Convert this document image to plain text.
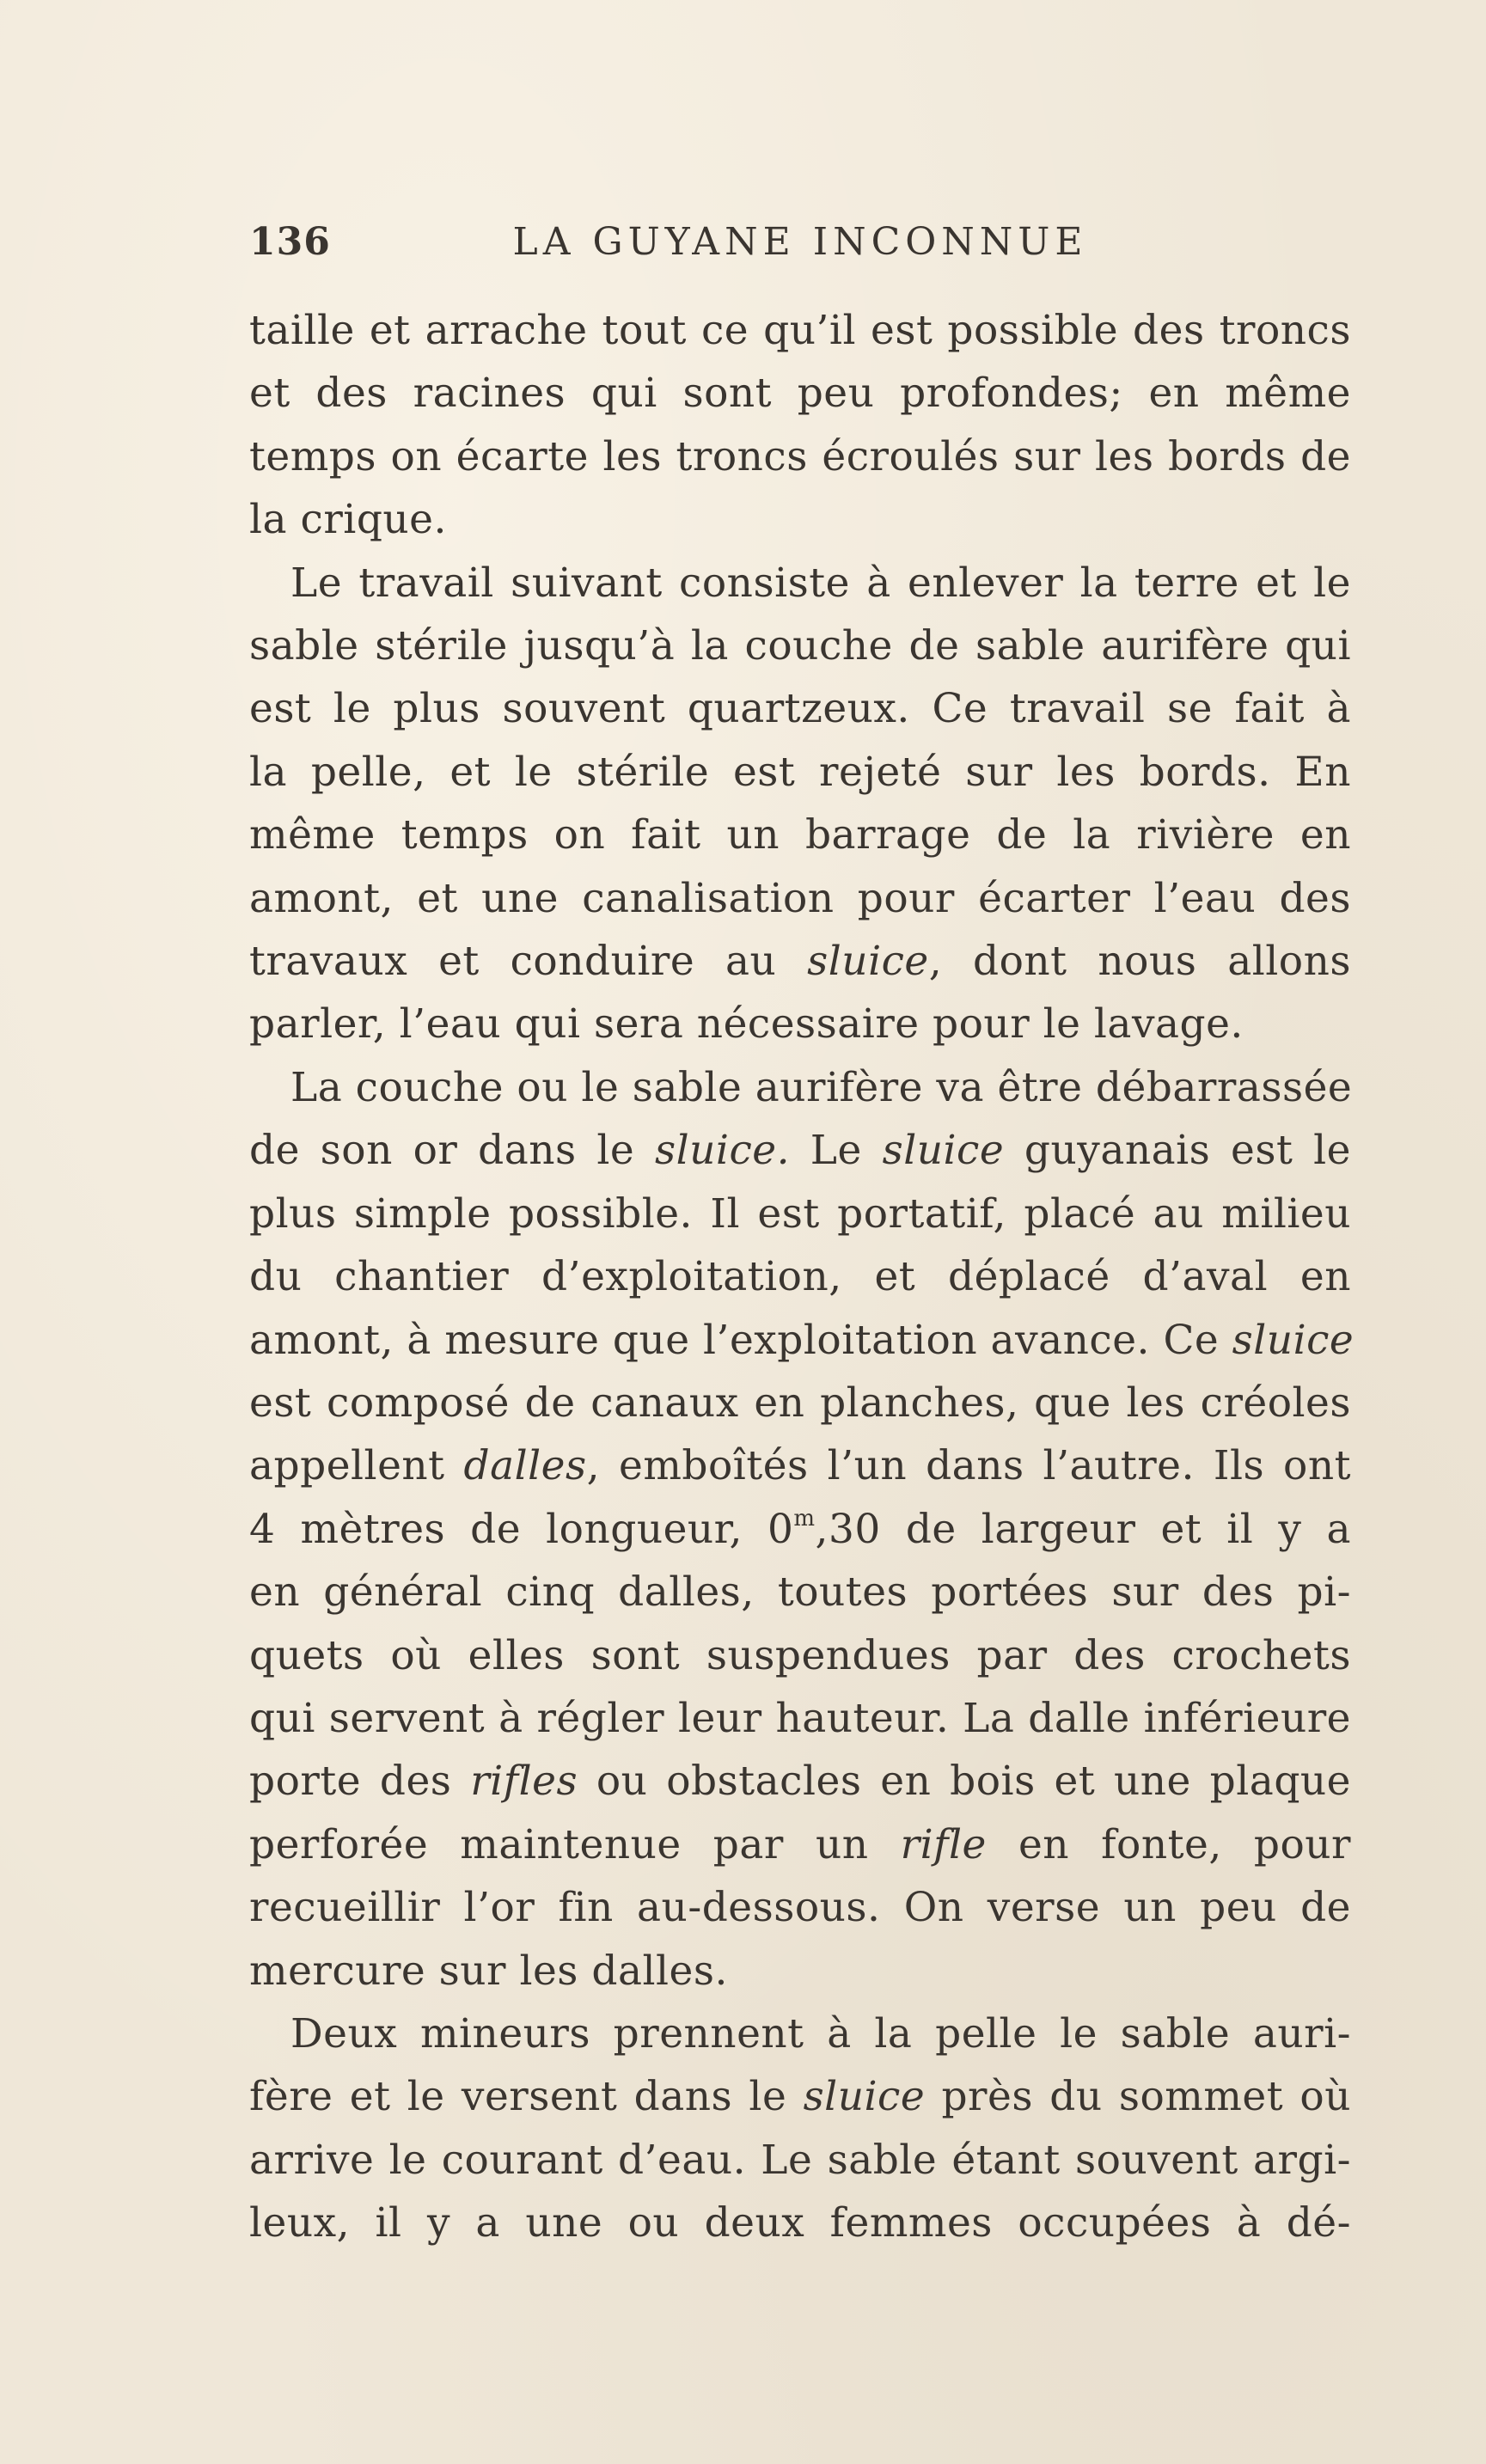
136	LA GUYANE INCONNUE
taille et arrache tout ce qu’il est possible des troncs
et des racines qui sont peu profondes; en même
temps on écarte les troncs écroulés sur les bords de
la crique.
Le travail suivant consiste à enlever la terre et le
sable stérile jusqu’à la couche de sable aurifère qui
est le plus souvent quartzeux. Ce travail se fait à
la pelle, et le stérile est rejeté sur les bords. En
même temps on fait un barrage de la rivière en
amont, et une canalisation pour écarter l’eau des
travaux et conduire au sluice, dont nous allons
parler, l’eau qui sera nécessaire pour le lavage.
La couche ou le sable aurifère va être débarrassée
de son or dans le sluice. Le sluice guyanais est le
plus simple possible. Il est portatif, placé au milieu
du chantier d’exploitation, et déplacé d’aval en
amont, à mesure que l’exploitation avance. Ce sluice
est composé de canaux en planches, que les créoles
appellent dalles, emboîtés l’un dans l’autre. Ils ont
4 mètres de longueur, 0$^m$,30 de largeur et il y a
en général cinq dalles, toutes portées sur des pi-
quets où elles sont suspendues par des crochets
qui servent à régler leur hauteur. La dalle inférieure
porte des rifles ou obstacles en bois et une plaque
perforée maintenue par un rifle en fonte, pour
recueillir l’or fin au-dessous. On verse un peu de
mercure sur les dalles.
Deux mineurs prennent à la pelle le sable auri-
fère et le versent dans le sluice près du sommet où
arrive le courant d’eau. Le sable étant souvent argi-
leux, il y a une ou deux femmes occupées à dé-
